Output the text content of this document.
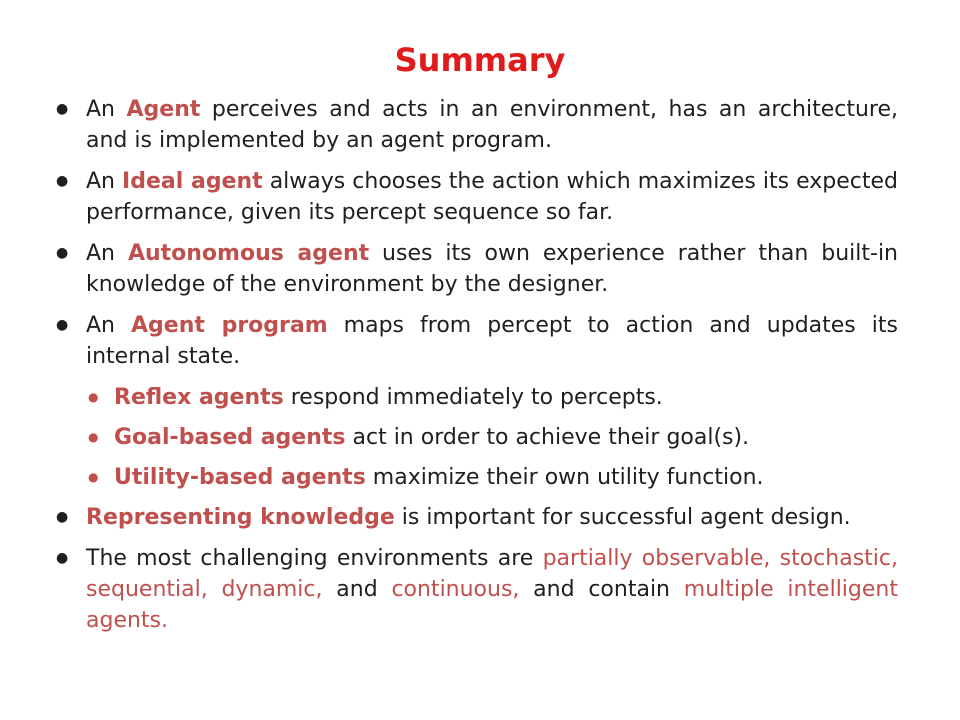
Summary
● An Agent perceives and acts in an environment, has an architecture, and is implemented by an agent program.
● An Ideal agent always chooses the action which maximizes its expected performance, given its percept sequence so far.
● An Autonomous agent uses its own experience rather than built-in knowledge of the environment by the designer.
● An Agent program maps from percept to action and updates its internal state.
● Reflex agents respond immediately to percepts.
● Goal-based agents act in order to achieve their goal(s).
● Utility-based agents maximize their own utility function.
● Representing knowledge is important for successful agent design.
● The most challenging environments are partially observable, stochastic, sequential, dynamic, and continuous, and contain multiple intelligent agents.
